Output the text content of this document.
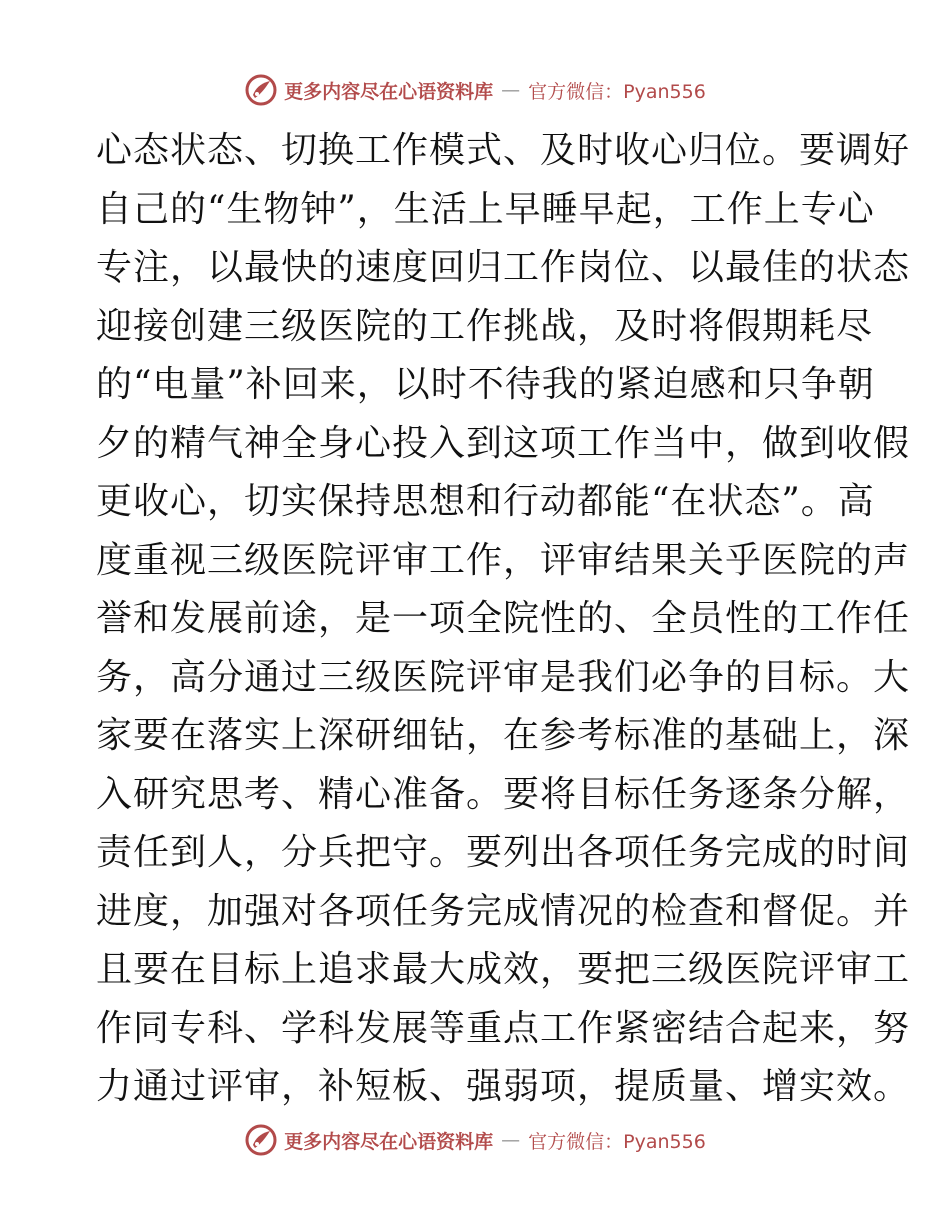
更多内容尽在心语资料库 — 官方微信：Pyan556
心态状态、切换工作模式、及时收心归位。要调好
自己的“生物钟”，生活上早睡早起，工作上专心
专注，以最快的速度回归工作岗位、以最佳的状态
迎接创建三级医院的工作挑战，及时将假期耗尽
的“电量”补回来，以时不待我的紧迫感和只争朝
夕的精气神全身心投入到这项工作当中，做到收假
更收心，切实保持思想和行动都能“在状态”。高
度重视三级医院评审工作，评审结果关乎医院的声
誉和发展前途，是一项全院性的、全员性的工作任
务，高分通过三级医院评审是我们必争的目标。大
家要在落实上深研细钻，在参考标准的基础上，深
入研究思考、精心准备。要将目标任务逐条分解，
责任到人，分兵把守。要列出各项任务完成的时间
进度，加强对各项任务完成情况的检查和督促。并
且要在目标上追求最大成效，要把三级医院评审工
作同专科、学科发展等重点工作紧密结合起来，努
力通过评审，补短板、强弱项，提质量、增实效。
更多内容尽在心语资料库 — 官方微信：Pyan556
